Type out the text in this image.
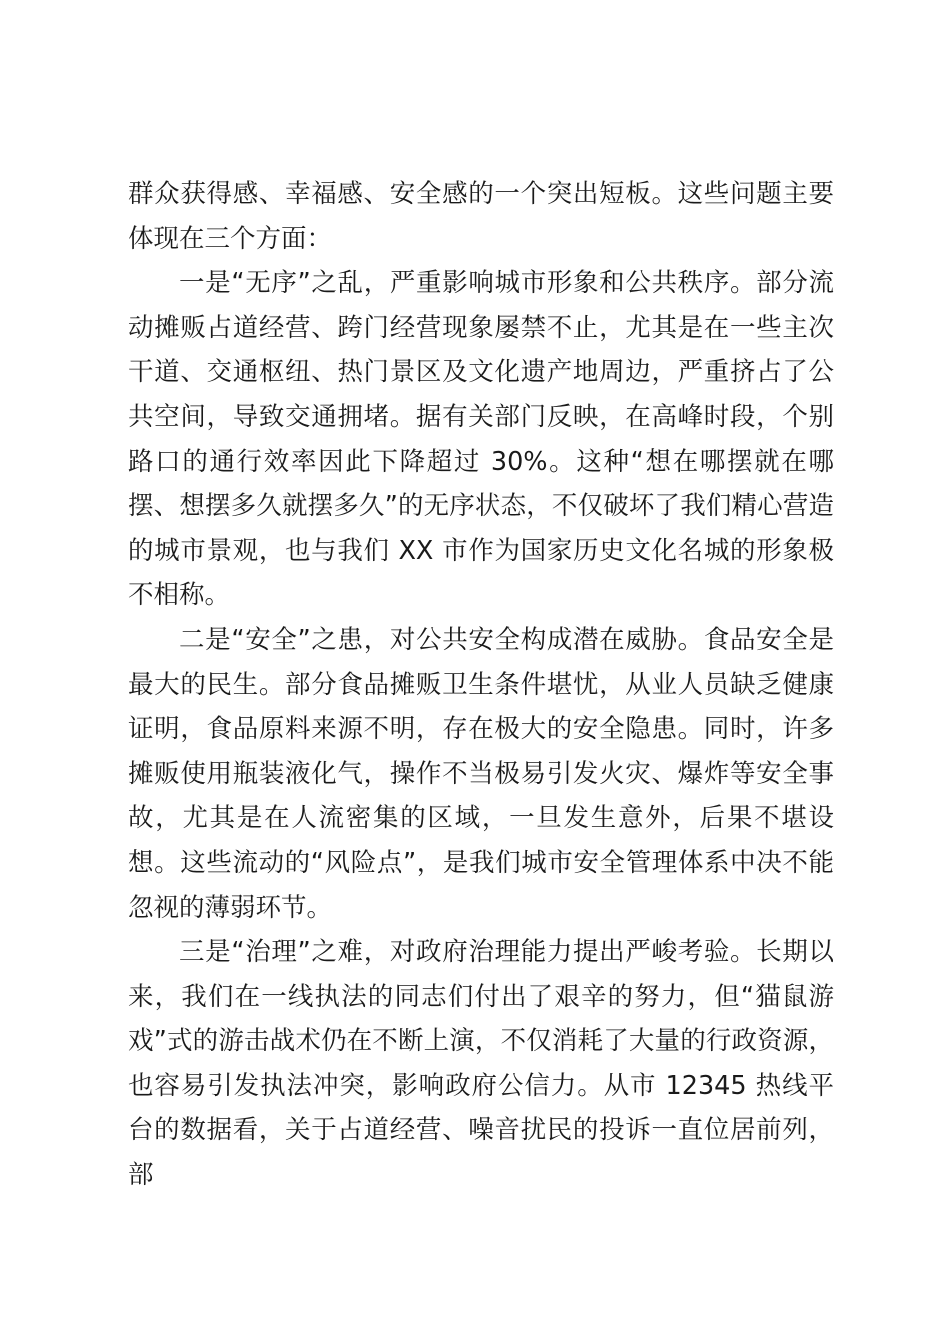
群众获得感、幸福感、安全感的一个突出短板。这些问题主要体现在三个方面：

一是“无序”之乱，严重影响城市形象和公共秩序。部分流动摊贩占道经营、跨门经营现象屡禁不止，尤其是在一些主次干道、交通枢纽、热门景区及文化遗产地周边，严重挤占了公共空间，导致交通拥堵。据有关部门反映，在高峰时段，个别路口的通行效率因此下降超过 30%。这种“想在哪摆就在哪摆、想摆多久就摆多久”的无序状态，不仅破坏了我们精心营造的城市景观，也与我们 XX 市作为国家历史文化名城的形象极不相称。

二是“安全”之患，对公共安全构成潜在威胁。食品安全是最大的民生。部分食品摊贩卫生条件堪忧，从业人员缺乏健康证明，食品原料来源不明，存在极大的安全隐患。同时，许多摊贩使用瓶装液化气，操作不当极易引发火灾、爆炸等安全事故，尤其是在人流密集的区域，一旦发生意外，后果不堪设想。这些流动的“风险点”，是我们城市安全管理体系中决不能忽视的薄弱环节。

三是“治理”之难，对政府治理能力提出严峻考验。长期以来，我们在一线执法的同志们付出了艰辛的努力，但“猫鼠游戏”式的游击战术仍在不断上演，不仅消耗了大量的行政资源，也容易引发执法冲突，影响政府公信力。从市 12345 热线平台的数据看，关于占道经营、噪音扰民的投诉一直位居前列，部
